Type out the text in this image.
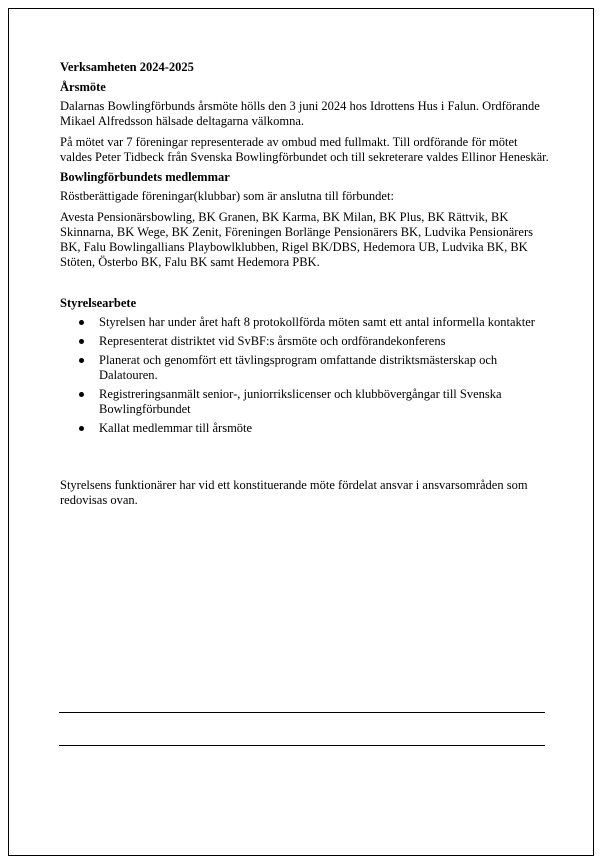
Verksamheten 2024-2025

Årsmöte

Dalarnas Bowlingförbunds årsmöte hölls den 3 juni 2024 hos Idrottens Hus i Falun. Ordförande Mikael Alfredsson hälsade deltagarna välkomna.

På mötet var 7 föreningar representerade av ombud med fullmakt. Till ordförande för mötet valdes Peter Tidbeck från Svenska Bowlingförbundet och till sekreterare valdes Ellinor Heneskär.

Bowlingförbundets medlemmar

Röstberättigade föreningar(klubbar) som är anslutna till förbundet:

Avesta Pensionärsbowling, BK Granen, BK Karma, BK Milan, BK Plus, BK Rättvik, BK Skinnarna, BK Wege, BK Zenit, Föreningen Borlänge Pensionärers BK, Ludvika Pensionärers BK, Falu Bowlingallians Playbowlklubben, Rigel BK/DBS, Hedemora UB, Ludvika BK, BK Stöten, Österbo BK, Falu BK samt Hedemora PBK.

Styrelsearbete

Styrelsen har under året haft 8 protokollförda möten samt ett antal informella kontakter
Representerat distriktet vid SvBF:s årsmöte och ordförandekonferens
Planerat och genomfört ett tävlingsprogram omfattande distriktsmästerskap och Dalatouren.
Registreringsanmält senior-, juniorrikslicenser och klubbövergångar till Svenska Bowlingförbundet
Kallat medlemmar till årsmöte

Styrelsens funktionärer har vid ett konstituerande möte fördelat ansvar i ansvarsområden som redovisas ovan.
